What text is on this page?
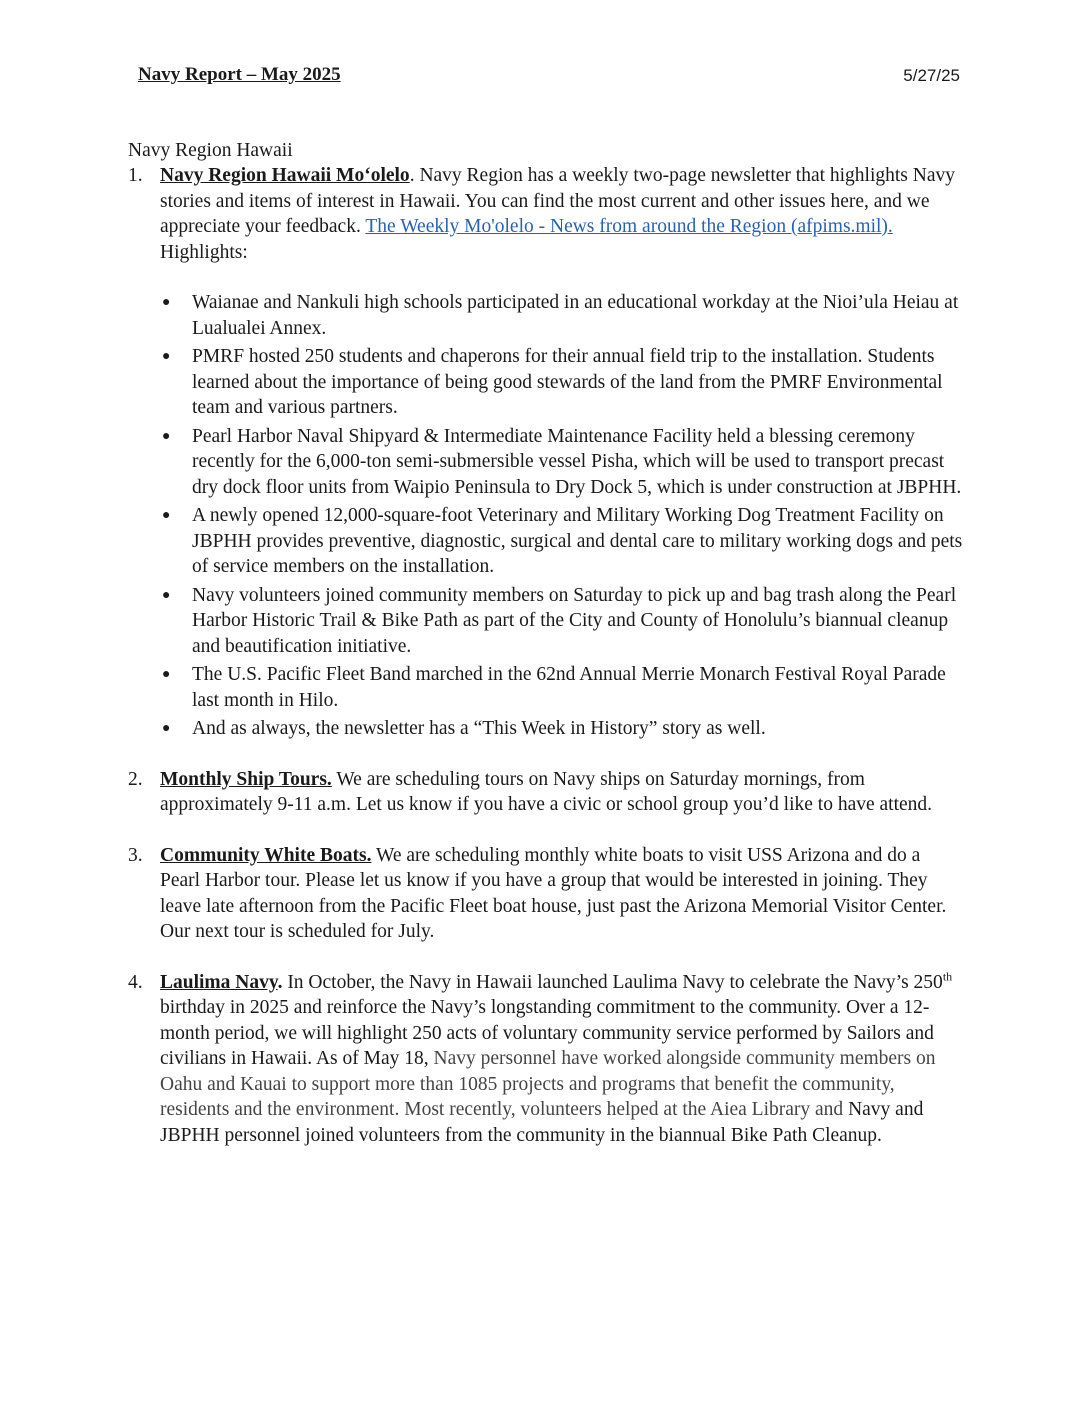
Navy Report – May 2025	5/27/25
Navy Region Hawaii
1. Navy Region Hawaii Mo‘olelo. Navy Region has a weekly two-page newsletter that highlights Navy stories and items of interest in Hawaii. You can find the most current and other issues here, and we appreciate your feedback. The Weekly Mo'olelo - News from around the Region (afpims.mil). Highlights:
● Waianae and Nankuli high schools participated in an educational workday at the Nioi’ula Heiau at Lualualei Annex.
● PMRF hosted 250 students and chaperons for their annual field trip to the installation. Students learned about the importance of being good stewards of the land from the PMRF Environmental team and various partners.
● Pearl Harbor Naval Shipyard & Intermediate Maintenance Facility held a blessing ceremony recently for the 6,000-ton semi-submersible vessel Pisha, which will be used to transport precast dry dock floor units from Waipio Peninsula to Dry Dock 5, which is under construction at JBPHH.
● A newly opened 12,000-square-foot Veterinary and Military Working Dog Treatment Facility on JBPHH provides preventive, diagnostic, surgical and dental care to military working dogs and pets of service members on the installation.
● Navy volunteers joined community members on Saturday to pick up and bag trash along the Pearl Harbor Historic Trail & Bike Path as part of the City and County of Honolulu’s biannual cleanup and beautification initiative.
● The U.S. Pacific Fleet Band marched in the 62nd Annual Merrie Monarch Festival Royal Parade last month in Hilo.
● And as always, the newsletter has a “This Week in History” story as well.
2. Monthly Ship Tours. We are scheduling tours on Navy ships on Saturday mornings, from approximately 9-11 a.m. Let us know if you have a civic or school group you’d like to have attend.
3. Community White Boats. We are scheduling monthly white boats to visit USS Arizona and do a Pearl Harbor tour. Please let us know if you have a group that would be interested in joining. They leave late afternoon from the Pacific Fleet boat house, just past the Arizona Memorial Visitor Center. Our next tour is scheduled for July.
4. Laulima Navy. In October, the Navy in Hawaii launched Laulima Navy to celebrate the Navy’s 250th birthday in 2025 and reinforce the Navy’s longstanding commitment to the community. Over a 12-month period, we will highlight 250 acts of voluntary community service performed by Sailors and civilians in Hawaii. As of May 18, Navy personnel have worked alongside community members on Oahu and Kauai to support more than 1085 projects and programs that benefit the community, residents and the environment. Most recently, volunteers helped at the Aiea Library and Navy and JBPHH personnel joined volunteers from the community in the biannual Bike Path Cleanup.
